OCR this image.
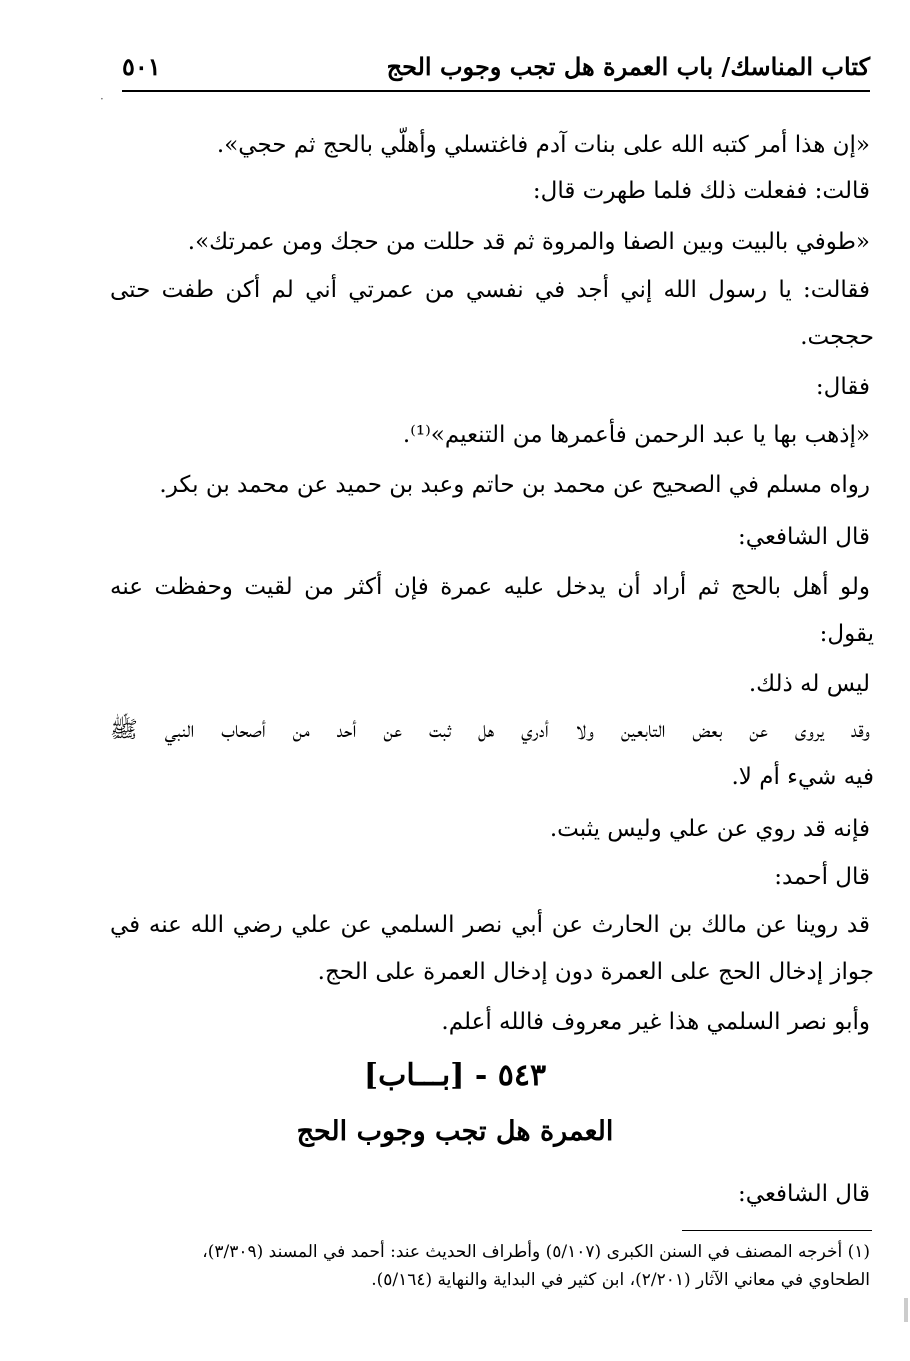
كتاب المناسك/ باب العمرة هل تجب وجوب الحج
٥٠١
·
«إن هذا أمر كتبه الله على بنات آدم فاغتسلي وأهلّي بالحج ثم حجي».
قالت: ففعلت ذلك فلما طهرت قال:
«طوفي بالبيت وبين الصفا والمروة ثم قد حللت من حجك ومن عمرتك».
فقالت: يا رسول الله إني أجد في نفسي من عمرتي أني لم أكن طفت حتى
حججت.
فقال:
«إذهب بها يا عبد الرحمن فأعمرها من التنعيم»⁽¹⁾.
رواه مسلم في الصحيح عن محمد بن حاتم وعبد بن حميد عن محمد بن بكر.
قال الشافعي:
ولو أهل بالحج ثم أراد أن يدخل عليه عمرة فإن أكثر من لقيت وحفظت عنه
يقول:
ليس له ذلك.
وقد يروى عن بعض التابعين ولا أدري هل ثبت عن أحد من أصحاب النبي ﷺ
فيه شيء أم لا.
فإنه قد روي عن علي وليس يثبت.
قال أحمد:
قد روينا عن مالك بن الحارث عن أبي نصر السلمي عن علي رضي الله عنه في
جواز إدخال الحج على العمرة دون إدخال العمرة على الحج.
وأبو نصر السلمي هذا غير معروف فالله أعلم.
٥٤٣ - [بـــاب]
العمرة هل تجب وجوب الحج
قال الشافعي:
(١) أخرجه المصنف في السنن الكبرى (٥/١٠٧) وأطراف الحديث عند: أحمد في المسند (٣/٣٠٩)،
الطحاوي في معاني الآثار (٢/٢٠١)، ابن كثير في البداية والنهاية (٥/١٦٤).
